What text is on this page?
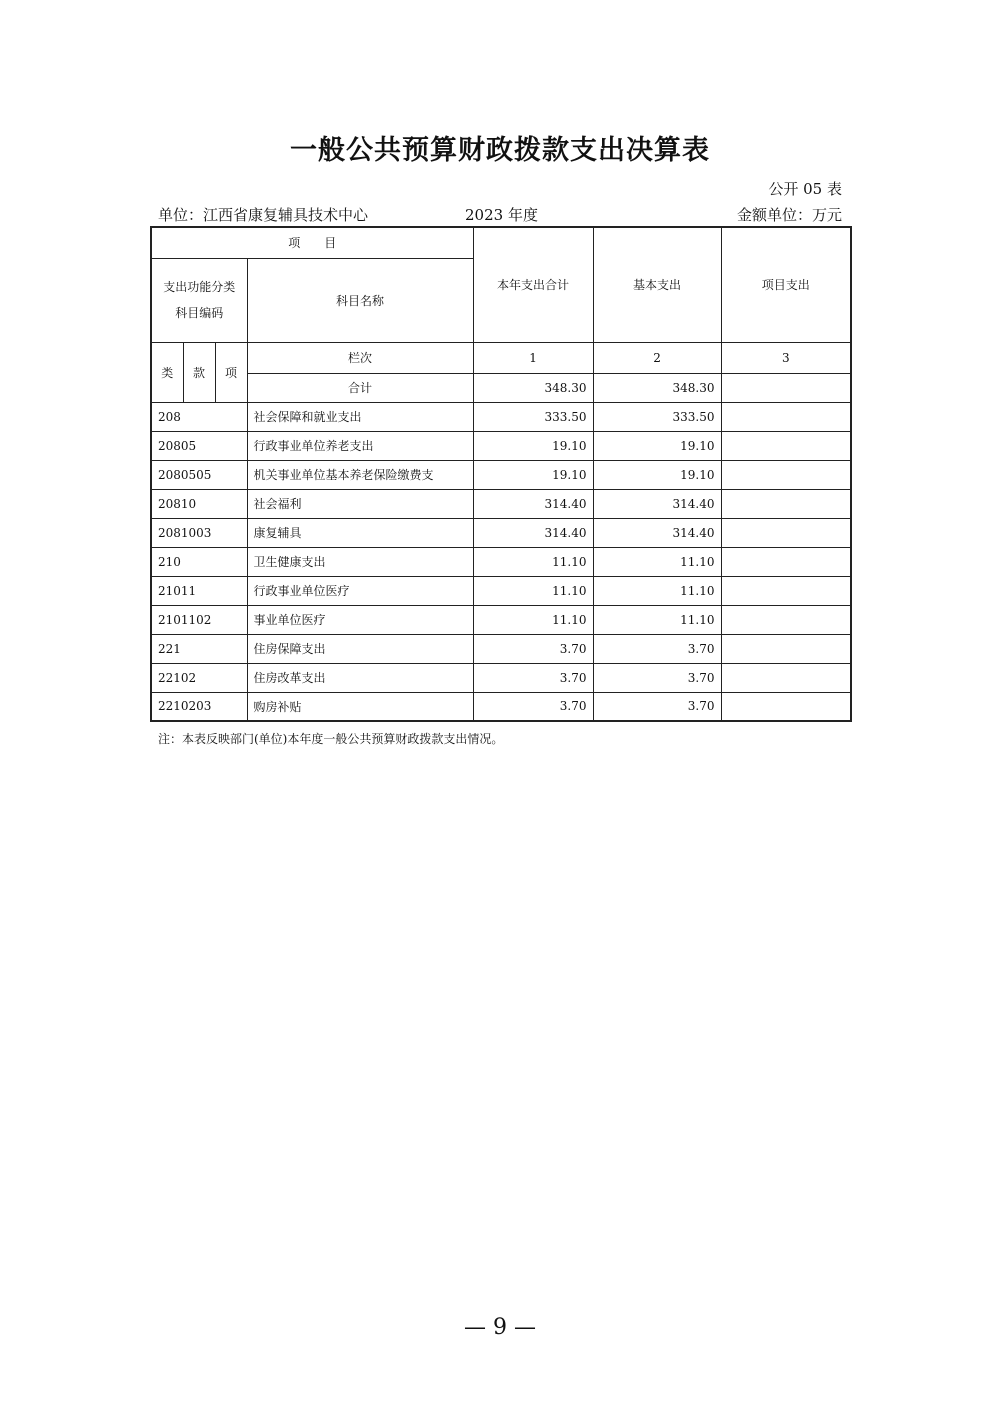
一般公共预算财政拨款支出决算表
公开 05 表
单位：江西省康复辅具技术中心	2023 年度	金额单位：万元
项　　目				本年支出合计	基本支出	项目支出

支出功能分类
科目编码			科目名称			

类	款	项	栏次	1	2	3
			合计	348.30	348.30	
208			社会保障和就业支出	333.50	333.50	
20805			行政事业单位养老支出	19.10	19.10	
2080505			机关事业单位基本养老保险缴费支	19.10	19.10	
20810			社会福利	314.40	314.40	
2081003			康复辅具	314.40	314.40	
210			卫生健康支出	11.10	11.10	
21011			行政事业单位医疗	11.10	11.10	
2101102			事业单位医疗	11.10	11.10	
221			住房保障支出	3.70	3.70	
22102			住房改革支出	3.70	3.70	
2210203			购房补贴	3.70	3.70	
注：本表反映部门(单位)本年度一般公共预算财政拨款支出情况。
— 9 —
